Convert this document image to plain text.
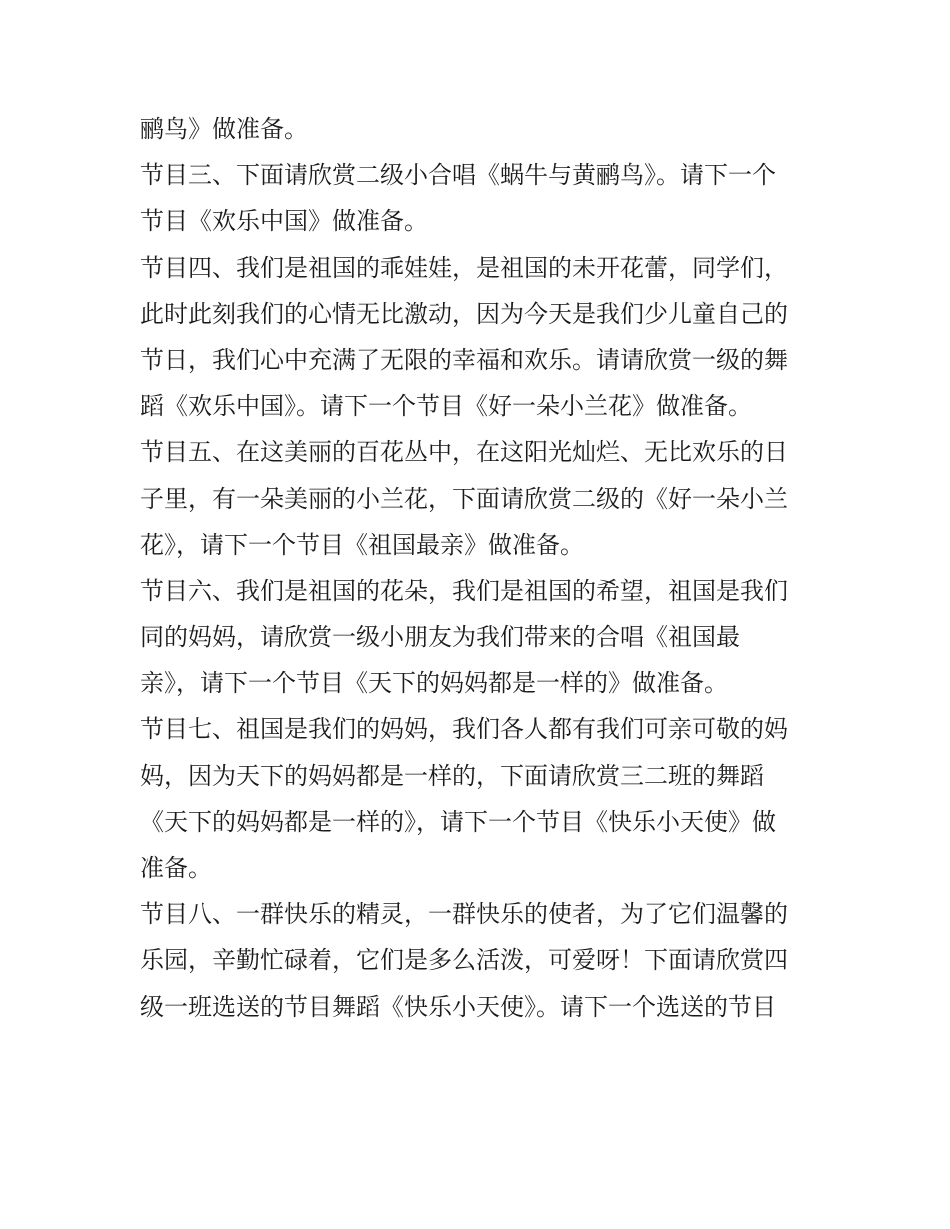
鹂鸟》做准备。
节目三、下面请欣赏二级小合唱《蜗牛与黄鹂鸟》。请下一个
节目《欢乐中国》做准备。
节目四、我们是祖国的乖娃娃，是祖国的未开花蕾，同学们，
此时此刻我们的心情无比激动，因为今天是我们少儿童自己的
节日，我们心中充满了无限的幸福和欢乐。请请欣赏一级的舞
蹈《欢乐中国》。请下一个节目《好一朵小兰花》做准备。
节目五、在这美丽的百花丛中，在这阳光灿烂、无比欢乐的日
子里，有一朵美丽的小兰花，下面请欣赏二级的《好一朵小兰
花》，请下一个节目《祖国最亲》做准备。
节目六、我们是祖国的花朵，我们是祖国的希望，祖国是我们
同的妈妈，请欣赏一级小朋友为我们带来的合唱《祖国最
亲》，请下一个节目《天下的妈妈都是一样的》做准备。
节目七、祖国是我们的妈妈，我们各人都有我们可亲可敬的妈
妈，因为天下的妈妈都是一样的，下面请欣赏三二班的舞蹈
《天下的妈妈都是一样的》，请下一个节目《快乐小天使》做
准备。
节目八、一群快乐的精灵，一群快乐的使者，为了它们温馨的
乐园，辛勤忙碌着，它们是多么活泼，可爱呀！下面请欣赏四
级一班选送的节目舞蹈《快乐小天使》。请下一个选送的节目
